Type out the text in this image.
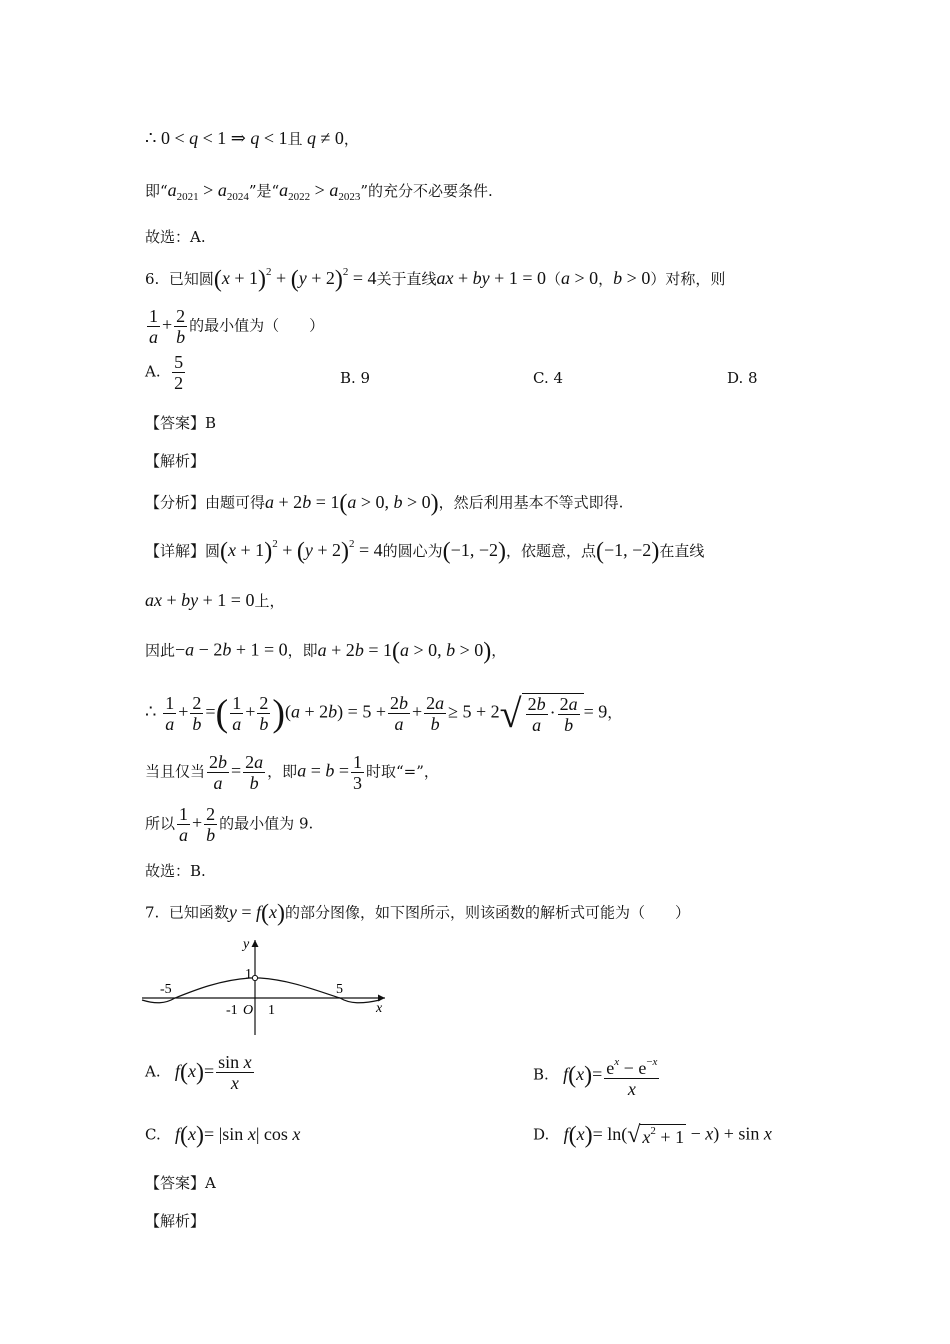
∴ 0 < q < 1 ⇒ q < 1且 q ≠ 0，
即“$a_{2021} > a_{2024}$”是“$a_{2022} > a_{2023}$”的充分不必要条件.
故选：A.
6. 已知圆$(x + 1)^2 + (y + 2)^2 = 4$关于直线ax + by + 1 = 0（a > 0，b > 0）对称，则
$\frac{1}{a} + \frac{2}{b}$ 的最小值为（　　）
A. $\frac{5}{2}$	B. 9	C. 4	D. 8
【答案】B
【解析】
【分析】由题可得a + 2b = 1(a > 0, b > 0)，然后利用基本不等式即得.
【详解】圆$(x + 1)^2 + (y + 2)^2 = 4$的圆心为(−1, −2)，依题意，点(−1, −2)在直线
ax + by + 1 = 0上，
因此−a − 2b + 1 = 0，即a + 2b = 1(a > 0, b > 0)，
∴ $\frac{1}{a} + \frac{2}{b}$ =( $\frac{1}{a} + \frac{2}{b} )(a + 2b) = 5 + \frac{2b}{a} + \frac{2a}{b} \ge 5 + 2√ \frac{2b}{a} \cdot \frac{2a}{b} = 9$，
当且仅当 $\frac{2b}{a} = \frac{2a}{b}$ ，即$a = b = \frac{1}{3}$ 时取“=”，
所以 $\frac{1}{a} + \frac{2}{b}$ 的最小值为 9.
故选：B.
7. 已知函数y = f(x)的部分图像，如下图所示，则该函数的解析式可能为（　　）
y
x
-5	5
1
-1 O 1
A. $f(x)= \frac{\text{sin x}}{x}$	B. $f(x)= \frac{e^x - e^{-x}}{x}$
C. f(x)= |sin x| cos x	D. f(x)= ln(√ $x^2 + 1 - x) + \sin x$
【答案】A
【解析】
